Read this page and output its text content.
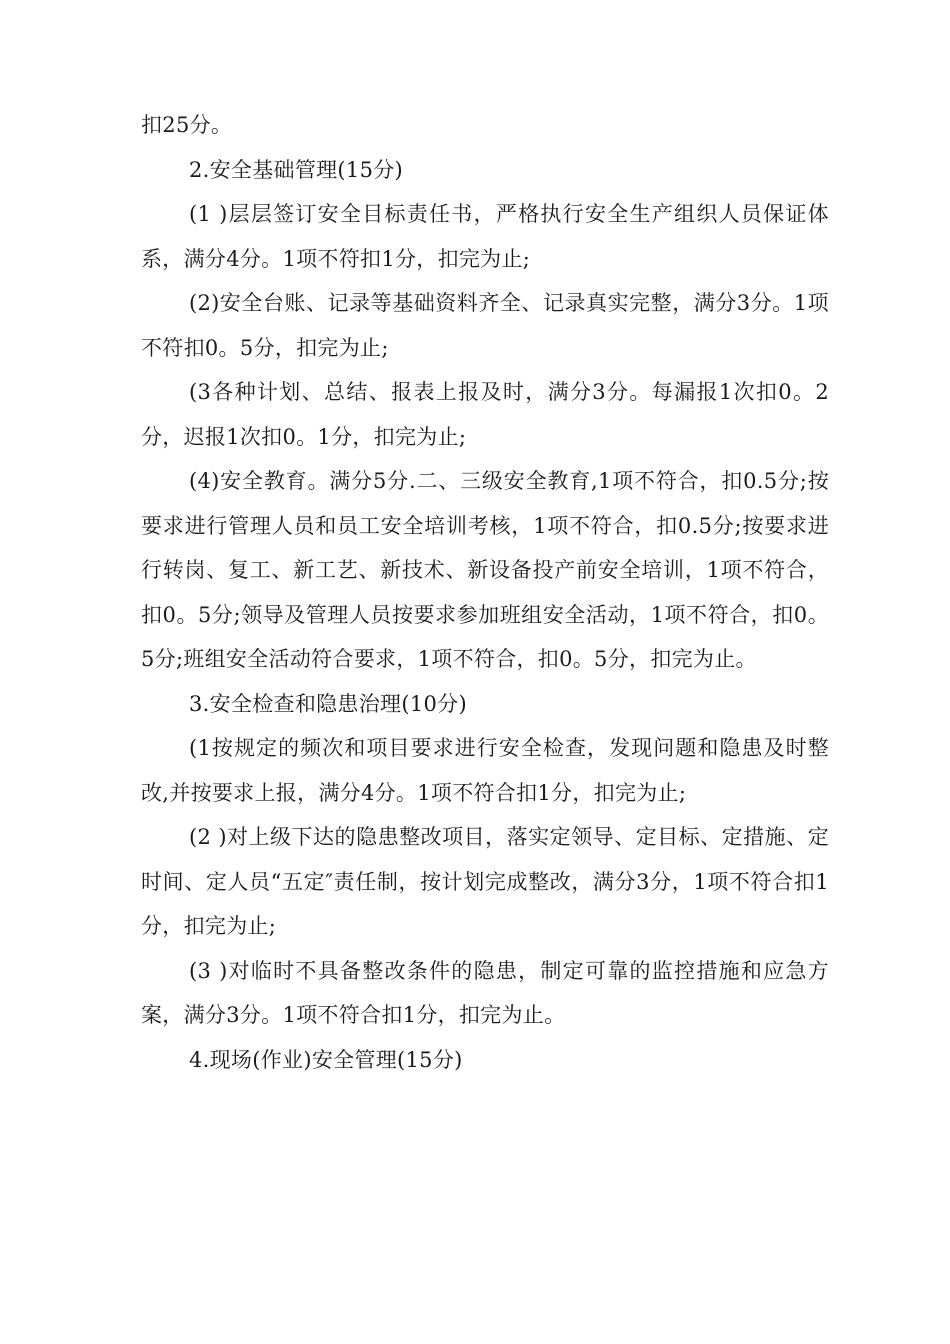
扣25分。

2.安全基础管理(15分)

(1 )层层签订安全目标责任书，严格执行安全生产组织人员保证体系，满分4分。1项不符扣1分，扣完为止;

(2)安全台账、记录等基础资料齐全、记录真实完整，满分3分。1项不符扣0。5分，扣完为止;

(3各种计划、总结、报表上报及时，满分3分。每漏报1次扣0。2分，迟报1次扣0。1分，扣完为止;

(4)安全教育。满分5分.二、三级安全教育,1项不符合，扣0.5分;按要求进行管理人员和员工安全培训考核，1项不符合，扣0.5分;按要求进行转岗、复工、新工艺、新技术、新设备投产前安全培训，1项不符合，扣0。5分;领导及管理人员按要求参加班组安全活动，1项不符合，扣0。5分;班组安全活动符合要求，1项不符合，扣0。5分，扣完为止。

3.安全检查和隐患治理(10分)

(1按规定的频次和项目要求进行安全检查，发现问题和隐患及时整改,并按要求上报，满分4分。1项不符合扣1分，扣完为止;

(2 )对上级下达的隐患整改项目，落实定领导、定目标、定措施、定时间、定人员“五定″责任制，按计划完成整改，满分3分，1项不符合扣1分，扣完为止;

(3 )对临时不具备整改条件的隐患，制定可靠的监控措施和应急方案，满分3分。1项不符合扣1分，扣完为止。

4.现场(作业)安全管理(15分)
